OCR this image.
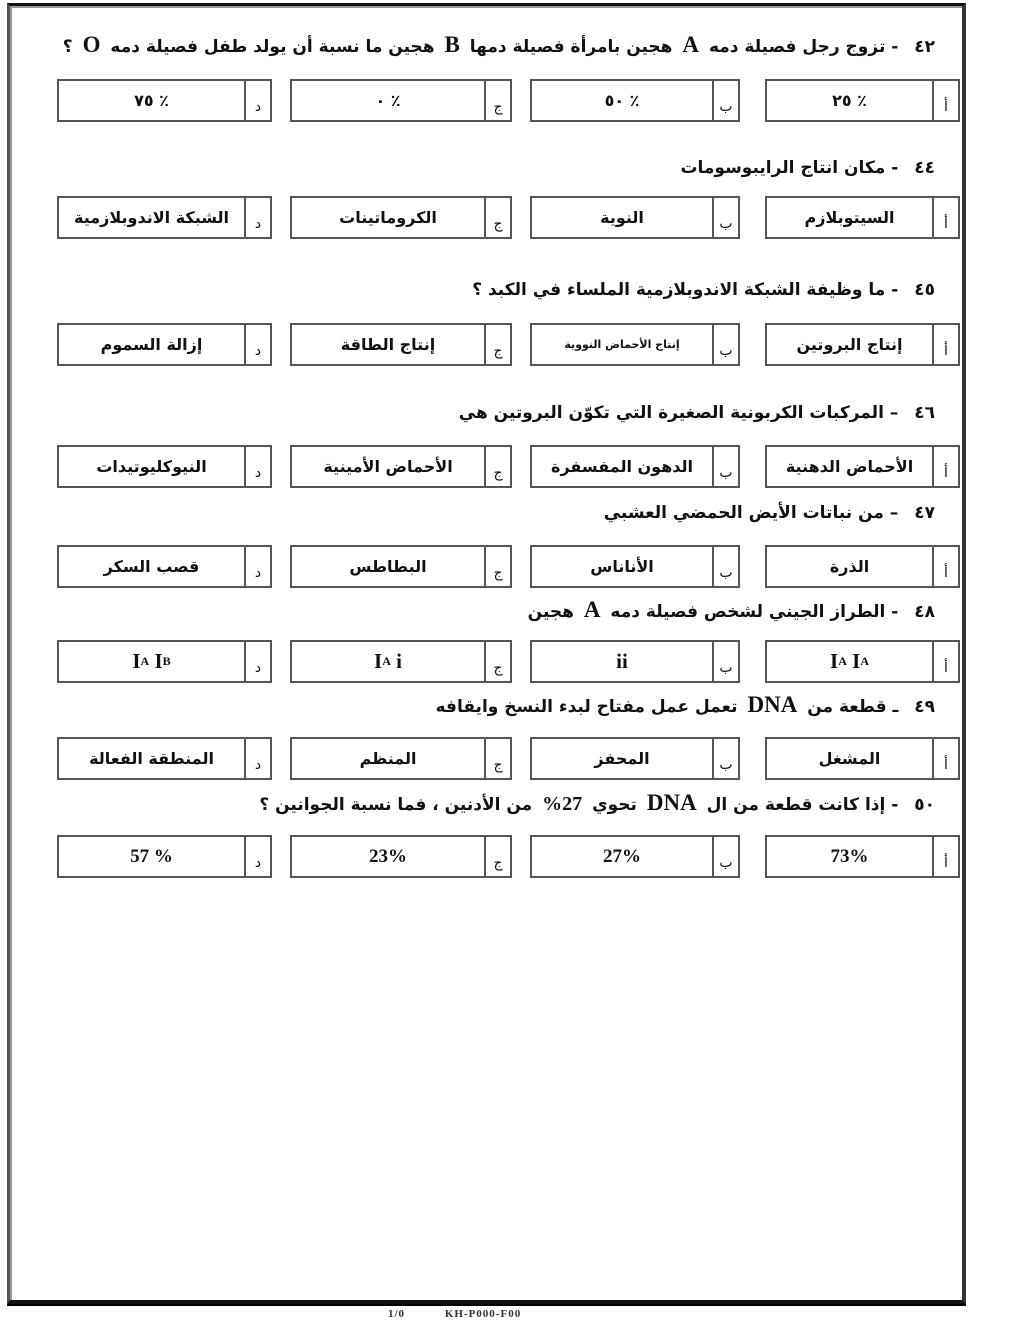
٤٢ - تزوج رجل فصيلة دمه A هجين بامرأة فصيلة دمها B هجين ما نسبة أن يولد طفل فصيلة دمه O ؟
أ
٪ ٢٥
ب
٪ ٥٠
ج
٪ ٠
د
٪ ٧٥
٤٤ - مكان انتاج الرايبوسومات
أ
السيتوبلازم
ب
النوية
ج
الكروماتينات
د
الشبكة الاندوبلازمية
٤٥ - ما وظيفة الشبكة الاندوبلازمية الملساء في الكبد ؟
أ
إنتاج البروتين
ب
إنتاج الأحماض النووية
ج
إنتاج الطاقة
د
إزالة السموم
٤٦ – المركبات الكربونية الصغيرة التي تكوّن البروتين هي
أ
الأحماض الدهنية
ب
الدهون المفسفرة
ج
الأحماض الأمينية
د
النيوكليوتيدات
٤٧ – من نباتات الأيض الحمضي العشبي
أ
الذرة
ب
الأناناس
ج
البطاطس
د
قصب السكر
٤٨ - الطراز الجيني لشخص فصيلة دمه A هجين
أ
I A
I A
ب
ii
ج
I A
i
د
I A
I B
٤٩ ـ قطعة من DNA تعمل عمل مفتاح لبدء النسخ وايقافه
أ
المشغل
ب
المحفز
ج
المنظم
د
المنطقة الفعالة
٥٠ - إذا كانت قطعة من ال DNA تحوي 27% من الأدنين ، فما نسبة الجوانين ؟
أ
73%
ب
27%
ج
23%
د
% 57
1/0	KH-P000-F00
